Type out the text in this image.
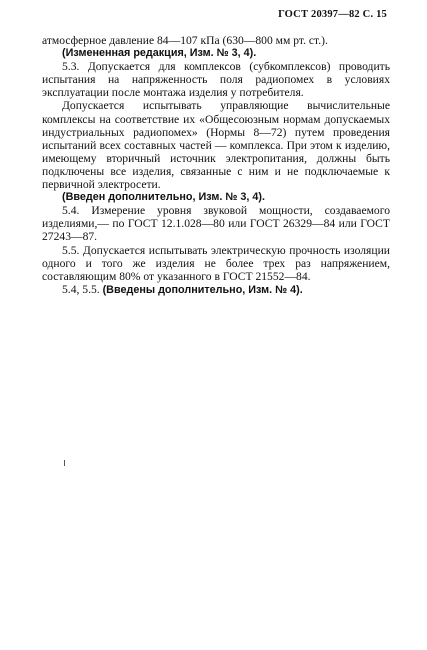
ГОСТ 20397—82 С. 15

атмосферное давление 84—107 кПа (630—800 мм рт. ст.).

(Измененная редакция, Изм. № 3, 4).

5.3. Допускается для комплексов (субкомплексов) проводить испытания на напряженность поля радиопомех в условиях эксплуатации после монтажа изделия у потребителя.

Допускается испытывать управляющие вычислительные комплексы на соответствие их «Общесоюзным нормам допускаемых индустриальных радиопомех» (Нормы 8—72) путем проведения испытаний всех составных частей — комплекса. При этом к изделию, имеющему вторичный источник электропитания, должны быть подключены все изделия, связанные с ним и не подключаемые к первичной электросети.

(Введен дополнительно, Изм. № 3, 4).

5.4. Измерение уровня звуковой мощности, создаваемого изделиями,— по ГОСТ 12.1.028—80 или ГОСТ 26329—84 или ГОСТ 27243—87.

5.5. Допускается испытывать электрическую прочность изоляции одного и того же изделия не более трех раз напряжением, составляющим 80% от указанного в ГОСТ 21552—84.

5.4, 5.5. (Введены дополнительно, Изм. № 4).
